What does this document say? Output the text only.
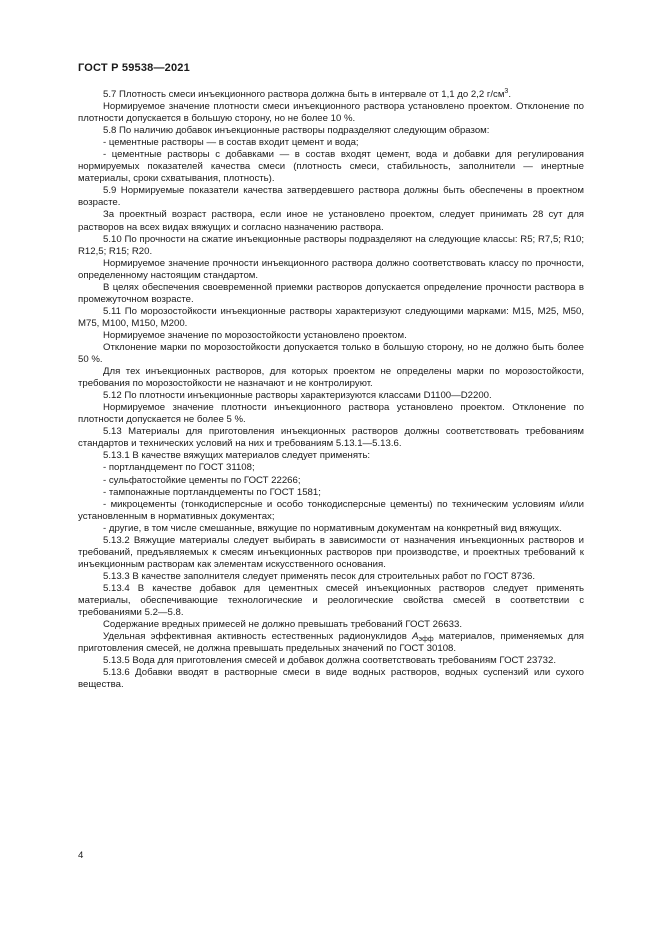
ГОСТ Р 59538—2021

5.7 Плотность смеси инъекционного раствора должна быть в интервале от 1,1 до 2,2 $г/см^3$.

Нормируемое значение плотности смеси инъекционного раствора установлено проектом. Отклонение по плотности допускается в большую сторону, но не более 10 %.

5.8 По наличию добавок инъекционные растворы подразделяют следующим образом:

- цементные растворы — в состав входит цемент и вода;

- цементные растворы с добавками — в состав входят цемент, вода и добавки для регулирования нормируемых показателей качества смеси (плотность смеси, стабильность, заполнители — инертные материалы, сроки схватывания, плотность).

5.9 Нормируемые показатели качества затвердевшего раствора должны быть обеспечены в проектном возрасте.

За проектный возраст раствора, если иное не установлено проектом, следует принимать 28 сут для растворов на всех видах вяжущих и согласно назначению раствора.

5.10 По прочности на сжатие инъекционные растворы подразделяют на следующие классы: R5; R7,5; R10; R12,5; R15; R20.

Нормируемое значение прочности инъекционного раствора должно соответствовать классу по прочности, определенному настоящим стандартом.

В целях обеспечения своевременной приемки растворов допускается определение прочности раствора в промежуточном возрасте.

5.11 По морозостойкости инъекционные растворы характеризуют следующими марками: M15, M25, M50, M75, M100, M150, M200.

Нормируемое значение по морозостойкости установлено проектом.

Отклонение марки по морозостойкости допускается только в большую сторону, но не должно быть более 50 %.

Для тех инъекционных растворов, для которых проектом не определены марки по морозостойкости, требования по морозостойкости не назначают и не контролируют.

5.12 По плотности инъекционные растворы характеризуются классами D1100—D2200.

Нормируемое значение плотности инъекционного раствора установлено проектом. Отклонение по плотности допускается не более 5 %.

5.13 Материалы для приготовления инъекционных растворов должны соответствовать требованиям стандартов и технических условий на них и требованиям 5.13.1—5.13.6.

5.13.1 В качестве вяжущих материалов следует применять:

- портландцемент по ГОСТ 31108;

- сульфатостойкие цементы по ГОСТ 22266;

- тампонажные портландцементы по ГОСТ 1581;

- микроцементы (тонкодисперсные и особо тонкодисперсные цементы) по техническим условиям и/или установленным в нормативных документах;

- другие, в том числе смешанные, вяжущие по нормативным документам на конкретный вид вяжущих.

5.13.2 Вяжущие материалы следует выбирать в зависимости от назначения инъекционных растворов и требований, предъявляемых к смесям инъекционных растворов при производстве, и проектных требований к инъекционным растворам как элементам искусственного основания.

5.13.3 В качестве заполнителя следует применять песок для строительных работ по ГОСТ 8736.

5.13.4 В качестве добавок для цементных смесей инъекционных растворов следует применять материалы, обеспечивающие технологические и реологические свойства смесей в соответствии с требованиями 5.2—5.8.

Содержание вредных примесей не должно превышать требований ГОСТ 26633.

Удельная эффективная активность естественных радионуклидов $A_{эфф}$ материалов, применяемых для приготовления смесей, не должна превышать предельных значений по ГОСТ 30108.

5.13.5 Вода для приготовления смесей и добавок должна соответствовать требованиям ГОСТ 23732.

5.13.6 Добавки вводят в растворные смеси в виде водных растворов, водных суспензий или сухого вещества.

4
